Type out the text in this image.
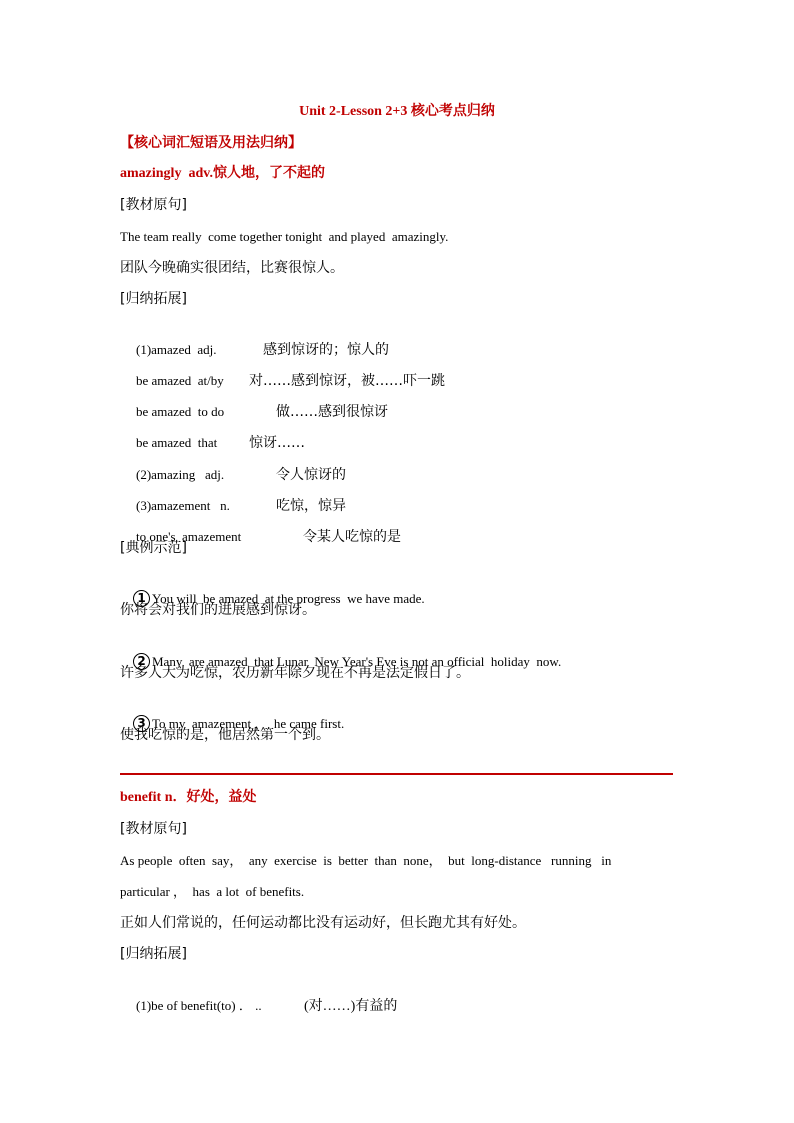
Unit 2-Lesson 2+3 核心考点归纳
【核心词汇短语及用法归纳】
amazingly  adv.惊人地，了不起的
[教材原句]
The team really  come together tonight  and played  amazingly.
团队今晚确实很团结，比赛很惊人。
[归纳拓展]

(1)amazed  adj.	感到惊讶的；惊人的

be amazed  at/by 对……感到惊讶，被……吓一跳

be amazed  to do	做……感到很惊讶

be amazed  that 惊讶……

(2)amazing   adj.	令人惊讶的

(3)amazement   n.	吃惊，惊异

to one's  amazement	令某人吃惊的是

[典例示范]

1 You will  be amazed  at the progress  we have made.

你将会对我们的进展感到惊讶。

2 Many  are amazed  that Lunar  New Year's Eve is not an official  holiday  now.

许多人大为吃惊，农历新年除夕现在不再是法定假日了。

3 To my  amazement ，  he came first.

使我吃惊的是，他居然第一个到。
benefit n．好处，益处
[教材原句]
As people  often  say，  any  exercise  is  better  than  none，  but  long-distance   running   in
particular ，  has  a lot  of benefits.
正如人们常说的，任何运动都比没有运动好，但长跑尤其有好处。
[归纳拓展]

(1)be of benefit(to) ． ..	(对……)有益的
